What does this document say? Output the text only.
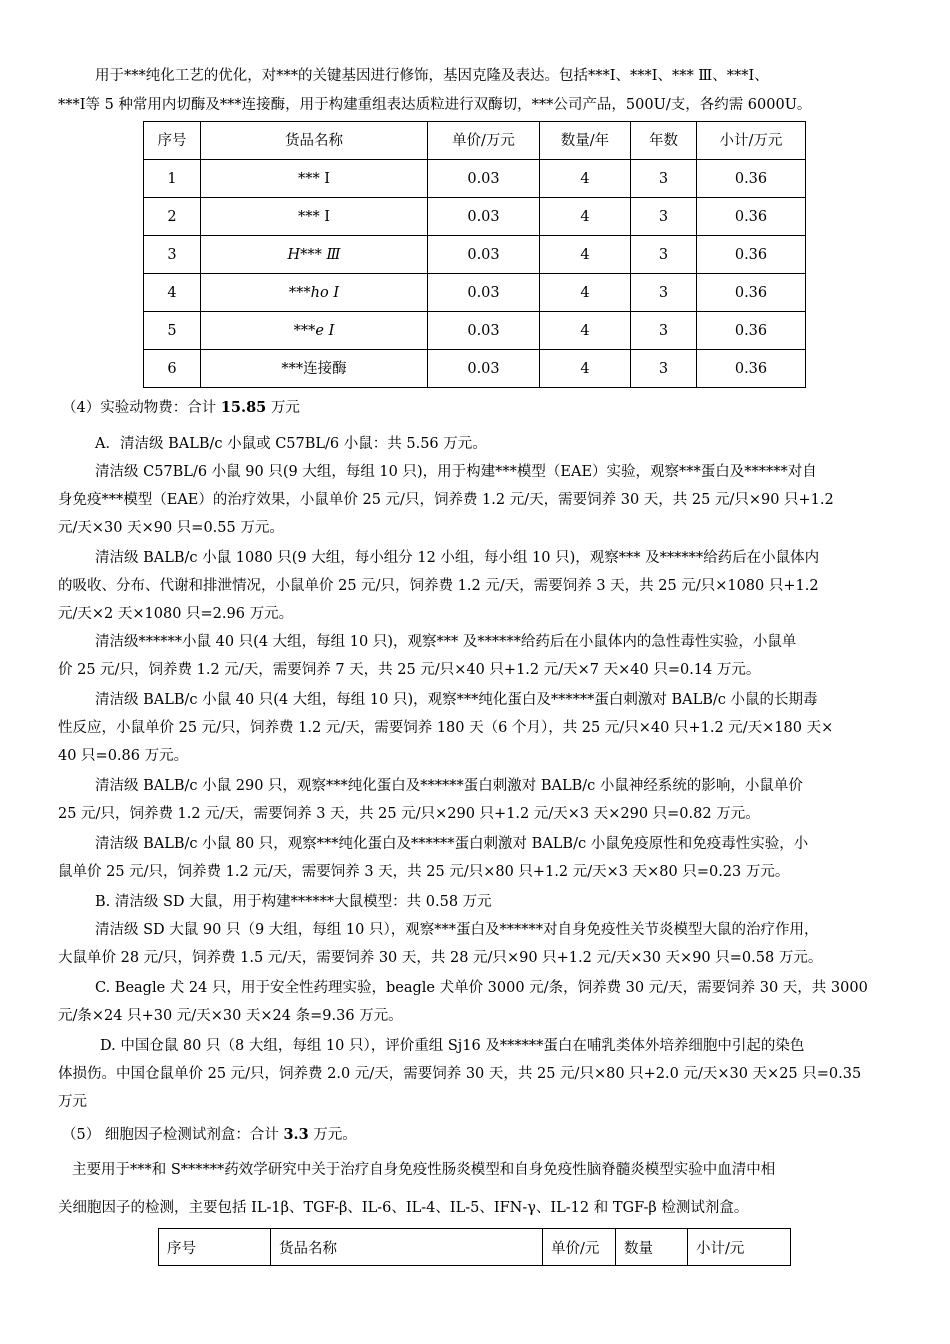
用于***纯化工艺的优化，对***的关键基因进行修饰，基因克隆及表达。包括***Ⅰ、***Ⅰ、*** Ⅲ、***Ⅰ、
***Ⅰ等 5 种常用内切酶及***连接酶，用于构建重组表达质粒进行双酶切，***公司产品，500U/支，各约需 6000U。
序号	货品名称	单价/万元	数量/年	年数	小计/万元
1	*** Ⅰ	0.03	4	3	0.36
2	*** Ⅰ	0.03	4	3	0.36
3	H*** Ⅲ	0.03	4	3	0.36
4	***ho Ⅰ	0.03	4	3	0.36
5	***e Ⅰ	0.03	4	3	0.36
6	***连接酶	0.03	4	3	0.36
（4）实验动物费：合计 15.85 万元
A．清洁级 BALB/c 小鼠或 C57BL/6 小鼠：共 5.56 万元。
清洁级 C57BL/6 小鼠 90 只(9 大组，每组 10 只)，用于构建***模型（EAE）实验，观察***蛋白及******对自
身免疫***模型（EAE）的治疗效果，小鼠单价 25 元/只，饲养费 1.2 元/天，需要饲养 30 天，共 25 元/只×90 只+1.2
元/天×30 天×90 只=0.55 万元。
清洁级 BALB/c 小鼠 1080 只(9 大组，每小组分 12 小组，每小组 10 只)，观察*** 及******给药后在小鼠体内
的吸收、分布、代谢和排泄情况，小鼠单价 25 元/只，饲养费 1.2 元/天，需要饲养 3 天，共 25 元/只×1080 只+1.2
元/天×2 天×1080 只=2.96 万元。
清洁级******小鼠 40 只(4 大组，每组 10 只)，观察*** 及******给药后在小鼠体内的急性毒性实验，小鼠单
价 25 元/只，饲养费 1.2 元/天，需要饲养 7 天，共 25 元/只×40 只+1.2 元/天×7 天×40 只=0.14 万元。
清洁级 BALB/c 小鼠 40 只(4 大组，每组 10 只)，观察***纯化蛋白及******蛋白刺激对 BALB/c 小鼠的长期毒
性反应，小鼠单价 25 元/只，饲养费 1.2 元/天，需要饲养 180 天（6 个月），共 25 元/只×40 只+1.2 元/天×180 天×
40 只=0.86 万元。
清洁级 BALB/c 小鼠 290 只，观察***纯化蛋白及******蛋白刺激对 BALB/c 小鼠神经系统的影响，小鼠单价
25 元/只，饲养费 1.2 元/天，需要饲养 3 天，共 25 元/只×290 只+1.2 元/天×3 天×290 只=0.82 万元。
清洁级 BALB/c 小鼠 80 只，观察***纯化蛋白及******蛋白刺激对 BALB/c 小鼠免疫原性和免疫毒性实验，小
鼠单价 25 元/只，饲养费 1.2 元/天，需要饲养 3 天，共 25 元/只×80 只+1.2 元/天×3 天×80 只=0.23 万元。
B. 清洁级 SD 大鼠，用于构建******大鼠模型：共 0.58 万元
清洁级 SD 大鼠 90 只（9 大组，每组 10 只），观察***蛋白及******对自身免疫性关节炎模型大鼠的治疗作用，
大鼠单价 28 元/只，饲养费 1.5 元/天，需要饲养 30 天，共 28 元/只×90 只+1.2 元/天×30 天×90 只=0.58 万元。
C. Beagle 犬 24 只，用于安全性药理实验，beagle 犬单价 3000 元/条，饲养费 30 元/天，需要饲养 30 天，共 3000
元/条×24 只+30 元/天×30 天×24 条=9.36 万元。
D. 中国仓鼠 80 只（8 大组，每组 10 只），评价重组 Sj16 及******蛋白在哺乳类体外培养细胞中引起的染色
体损伤。中国仓鼠单价 25 元/只，饲养费 2.0 元/天，需要饲养 30 天，共 25 元/只×80 只+2.0 元/天×30 天×25 只=0.35
万元
（5） 细胞因子检测试剂盒：合计 3.3 万元。
主要用于***和 S******药效学研究中关于治疗自身免疫性肠炎模型和自身免疫性脑脊髓炎模型实验中血清中相
关细胞因子的检测，主要包括 IL-1β、TGF-β、IL-6、IL-4、IL-5、IFN-γ、IL-12 和 TGF-β 检测试剂盒。
序号	货品名称	单价/元	数量	小计/元
